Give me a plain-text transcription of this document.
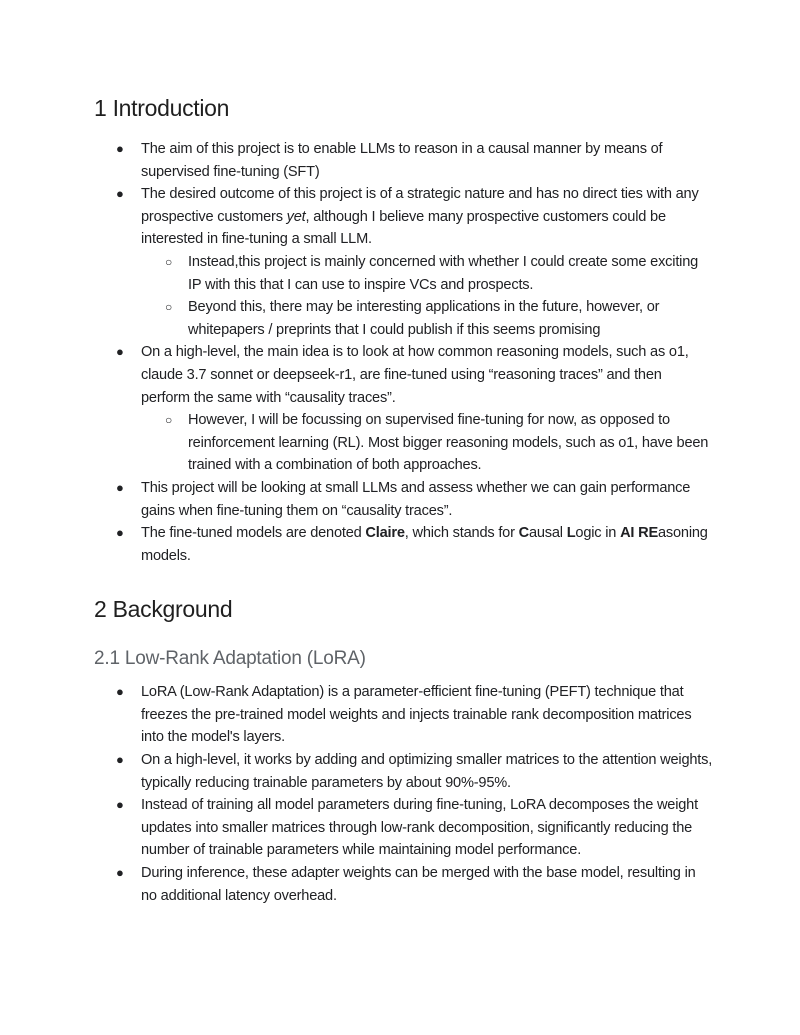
1 Introduction
● The aim of this project is to enable LLMs to reason in a causal manner by means of supervised fine-tuning (SFT)
● The desired outcome of this project is of a strategic nature and has no direct ties with any prospective customers yet, although I believe many prospective customers could be interested in fine-tuning a small LLM.
○ Instead,this project is mainly concerned with whether I could create some exciting IP with this that I can use to inspire VCs and prospects.
○ Beyond this, there may be interesting applications in the future, however, or whitepapers / preprints that I could publish if this seems promising
● On a high-level, the main idea is to look at how common reasoning models, such as o1, claude 3.7 sonnet or deepseek-r1, are fine-tuned using “reasoning traces” and then perform the same with “causality traces”.
○ However, I will be focussing on supervised fine-tuning for now, as opposed to reinforcement learning (RL). Most bigger reasoning models, such as o1, have been trained with a combination of both approaches.
● This project will be looking at small LLMs and assess whether we can gain performance gains when fine-tuning them on “causality traces”.
● The fine-tuned models are denoted Claire, which stands for Causal Logic in AI REasoning models.
2 Background
2.1 Low-Rank Adaptation (LoRA)
● LoRA (Low-Rank Adaptation) is a parameter-efficient fine-tuning (PEFT) technique that freezes the pre-trained model weights and injects trainable rank decomposition matrices into the model's layers.
● On a high-level, it works by adding and optimizing smaller matrices to the attention weights, typically reducing trainable parameters by about 90%-95%.
● Instead of training all model parameters during fine-tuning, LoRA decomposes the weight updates into smaller matrices through low-rank decomposition, significantly reducing the number of trainable parameters while maintaining model performance.
● During inference, these adapter weights can be merged with the base model, resulting in no additional latency overhead.
